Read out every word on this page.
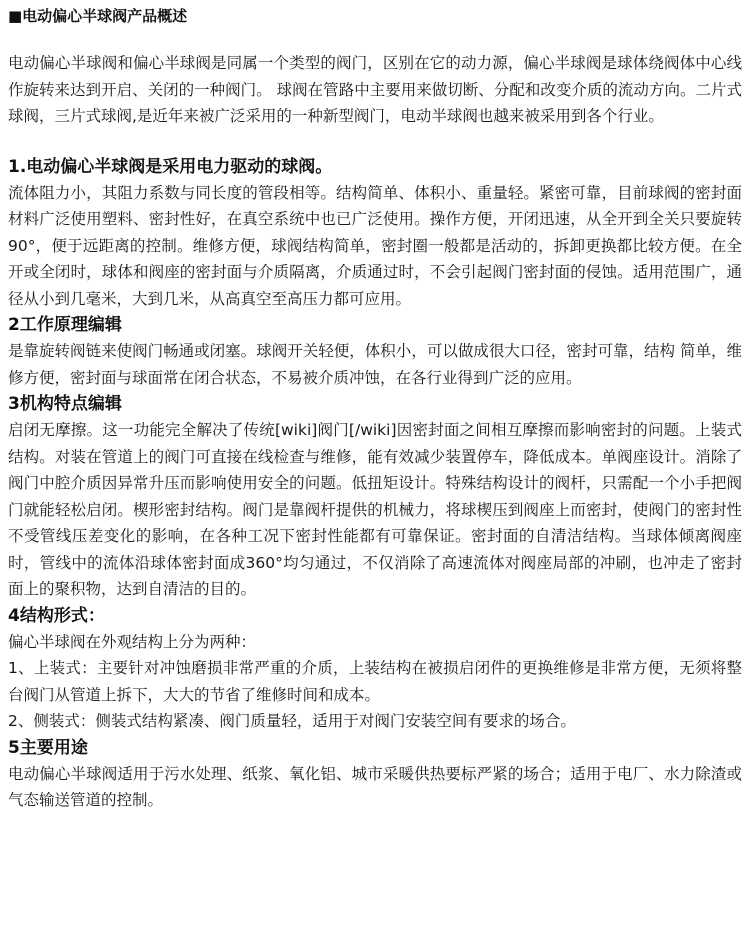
■电动偏心半球阀产品概述

电动偏心半球阀和偏心半球阀是同属一个类型的阀门，区别在它的动力源，偏心半球阀是球体绕阀体中心线作旋转来达到开启、关闭的一种阀门。 球阀在管路中主要用来做切断、分配和改变介质的流动方向。二片式球阀，三片式球阀,是近年来被广泛采用的一种新型阀门，电动半球阀也越来被采用到各个行业。

1.电动偏心半球阀是采用电力驱动的球阀。

流体阻力小，其阻力系数与同长度的管段相等。结构简单、体积小、重量轻。紧密可靠，目前球阀的密封面材料广泛使用塑料、密封性好，在真空系统中也已广泛使用。操作方便，开闭迅速，从全开到全关只要旋转90°，便于远距离的控制。维修方便，球阀结构简单，密封圈一般都是活动的，拆卸更换都比较方便。在全开或全闭时，球体和阀座的密封面与介质隔离，介质通过时，不会引起阀门密封面的侵蚀。适用范围广，通径从小到几毫米，大到几米，从高真空至高压力都可应用。

2工作原理编辑

是靠旋转阀链来使阀门畅通或闭塞。球阀开关轻便，体积小，可以做成很大口径，密封可靠，结构 简单，维修方便，密封面与球面常在闭合状态，不易被介质冲蚀，在各行业得到广泛的应用。

3机构特点编辑

启闭无摩擦。这一功能完全解决了传统[wiki]阀门[/wiki]因密封面之间相互摩擦而影响密封的问题。上装式结构。对装在管道上的阀门可直接在线检查与维修，能有效减少装置停车，降低成本。单阀座设计。消除了阀门中腔介质因异常升压而影响使用安全的问题。低扭矩设计。特殊结构设计的阀杆，只需配一个小手把阀门就能轻松启闭。楔形密封结构。阀门是靠阀杆提供的机械力，将球楔压到阀座上而密封，使阀门的密封性不受管线压差变化的影响，在各种工况下密封性能都有可靠保证。密封面的自清洁结构。当球体倾离阀座时，管线中的流体沿球体密封面成360°均匀通过，不仅消除了高速流体对阀座局部的冲刷，也冲走了密封面上的聚积物，达到自清洁的目的。

4结构形式：

偏心半球阀在外观结构上分为两种：

1、上装式：主要针对冲蚀磨损非常严重的介质，上装结构在被损启闭件的更换维修是非常方便，无须将整台阀门从管道上拆下，大大的节省了维修时间和成本。

2、侧装式：侧装式结构紧凑、阀门质量轻，适用于对阀门安装空间有要求的场合。

5主要用途

电动偏心半球阀适用于污水处理、纸浆、氧化铝、城市采暖供热要标严紧的场合；适用于电厂、水力除渣或气态输送管道的控制。
